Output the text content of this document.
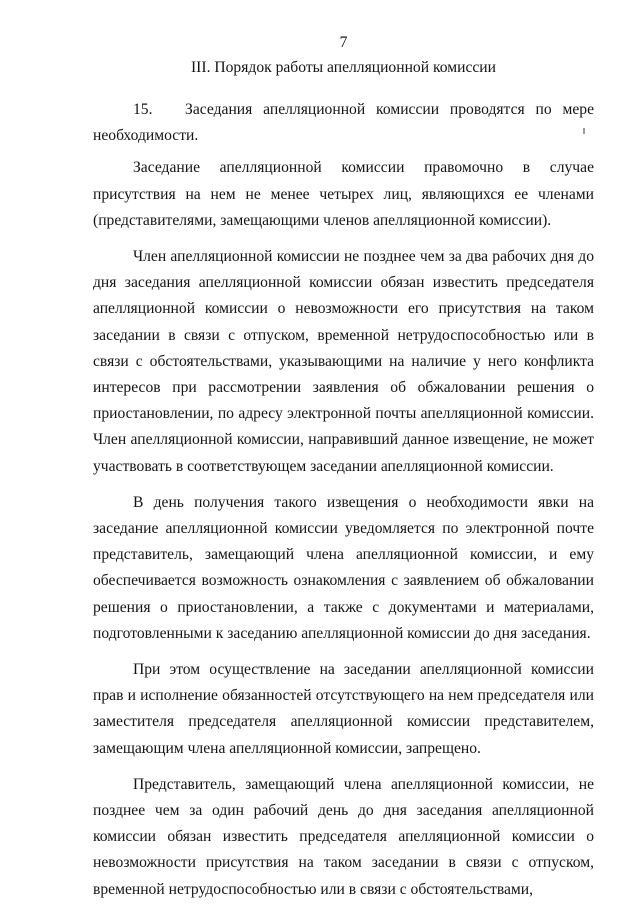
7
III. Порядок работы апелляционной комиссии

15.   Заседания апелляционной комиссии проводятся по мере необходимости.

Заседание апелляционной комиссии правомочно в случае присутствия на нем не менее четырех лиц, являющихся ее членами (представителями, замещающими членов апелляционной комиссии).

Член апелляционной комиссии не позднее чем за два рабочих дня до дня заседания апелляционной комиссии обязан известить председателя апелляционной комиссии о невозможности его присутствия на таком заседании в связи с отпуском, временной нетрудоспособностью или в связи с обстоятельствами, указывающими на наличие у него конфликта интересов при рассмотрении заявления об обжаловании решения о приостановлении, по адресу электронной почты апелляционной комиссии. Член апелляционной комиссии, направивший данное извещение, не может участвовать в соответствующем заседании апелляционной комиссии.

В день получения такого извещения о необходимости явки на заседание апелляционной комиссии уведомляется по электронной почте представитель, замещающий члена апелляционной комиссии, и ему обеспечивается возможность ознакомления с заявлением об обжаловании решения о приостановлении, а также с документами и материалами, подготовленными к заседанию апелляционной комиссии до дня заседания.

При этом осуществление на заседании апелляционной комиссии прав и исполнение обязанностей отсутствующего на нем председателя или заместителя председателя апелляционной комиссии представителем, замещающим члена апелляционной комиссии, запрещено.

Представитель, замещающий члена апелляционной комиссии, не позднее чем за один рабочий день до дня заседания апелляционной комиссии обязан известить председателя апелляционной комиссии о невозможности присутствия на таком заседании в связи с отпуском, временной нетрудоспособностью или в связи с обстоятельствами,
